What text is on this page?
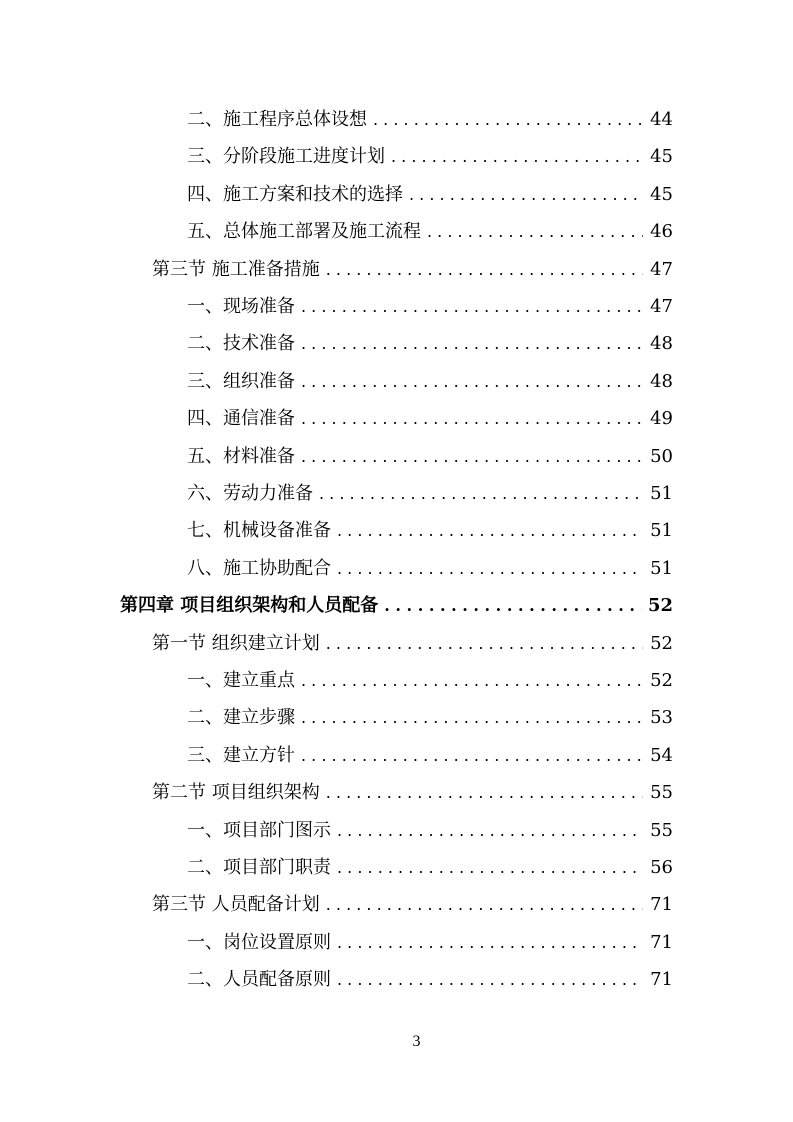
二、施工程序总体设想 . . .	44
三、分阶段施工进度计划 . . .	45
四、施工方案和技术的选择 . . .	45
五、总体施工部署及施工流程 . . .	46
第三节 施工准备措施 . . .	47
一、现场准备 . . .	47
二、技术准备 . . .	48
三、组织准备 . . .	48
四、通信准备 . . .	49
五、材料准备 . . .	50
六、劳动力准备 . . .	51
七、机械设备准备 . . .	51
八、施工协助配合 . . .	51
第四章 项目组织架构和人员配备 . . .	52
第一节 组织建立计划 . . .	52
一、建立重点 . . .	52
二、建立步骤 . . .	53
三、建立方针 . . .	54
第二节 项目组织架构 . . .	55
一、项目部门图示 . . .	55
二、项目部门职责 . . .	56
第三节 人员配备计划 . . .	71
一、岗位设置原则 . . .	71
二、人员配备原则 . . .	71
3
